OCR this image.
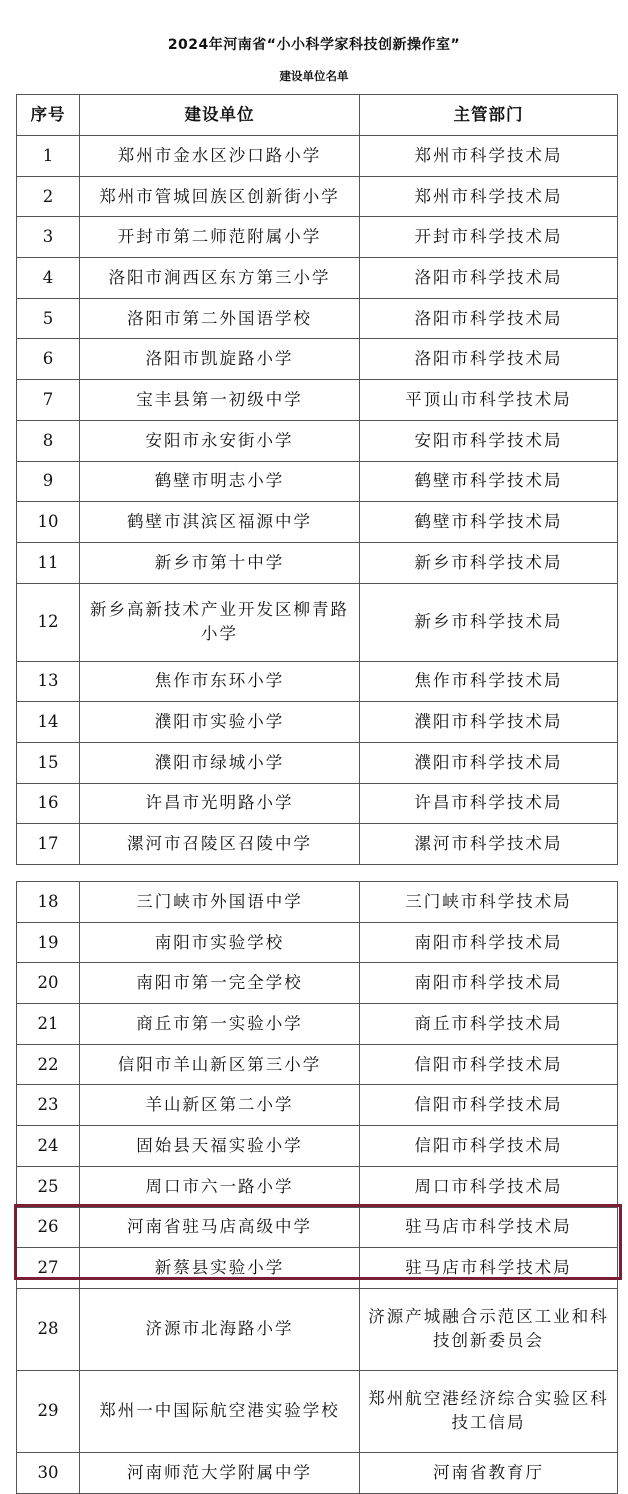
2024年河南省“小小科学家科技创新操作室”
建设单位名单
序号	建设单位	主管部门
1	郑州市金水区沙口路小学	郑州市科学技术局
2	郑州市管城回族区创新街小学	郑州市科学技术局
3	开封市第二师范附属小学	开封市科学技术局
4	洛阳市涧西区东方第三小学	洛阳市科学技术局
5	洛阳市第二外国语学校	洛阳市科学技术局
6	洛阳市凯旋路小学	洛阳市科学技术局
7	宝丰县第一初级中学	平顶山市科学技术局
8	安阳市永安街小学	安阳市科学技术局
9	鹤壁市明志小学	鹤壁市科学技术局
10	鹤壁市淇滨区福源中学	鹤壁市科学技术局
11	新乡市第十中学	新乡市科学技术局
12	新乡高新技术产业开发区柳青路小学	新乡市科学技术局
13	焦作市东环小学	焦作市科学技术局
14	濮阳市实验小学	濮阳市科学技术局
15	濮阳市绿城小学	濮阳市科学技术局
16	许昌市光明路小学	许昌市科学技术局
17	漯河市召陵区召陵中学	漯河市科学技术局
18	三门峡市外国语中学	三门峡市科学技术局
19	南阳市实验学校	南阳市科学技术局
20	南阳市第一完全学校	南阳市科学技术局
21	商丘市第一实验小学	商丘市科学技术局
22	信阳市羊山新区第三小学	信阳市科学技术局
23	羊山新区第二小学	信阳市科学技术局
24	固始县天福实验小学	信阳市科学技术局
25	周口市六一路小学	周口市科学技术局
26	河南省驻马店高级中学	驻马店市科学技术局
27	新蔡县实验小学	驻马店市科学技术局
28	济源市北海路小学	济源产城融合示范区工业和科技创新委员会
29	郑州一中国际航空港实验学校	郑州航空港经济综合实验区科技工信局
30	河南师范大学附属中学	河南省教育厅
